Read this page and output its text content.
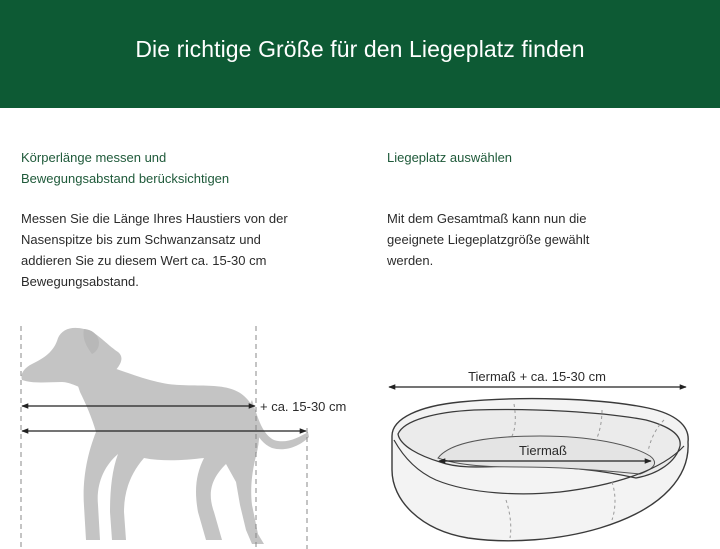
Die richtige Größe für den Liegeplatz finden

Körperlänge messen und
Bewegungsabstand berücksichtigen

Messen Sie die Länge Ihres Haustiers von der
Nasenspitze bis zum Schwanzansatz und
addieren Sie zu diesem Wert ca. 15-30 cm
Bewegungsabstand.

Liegeplatz auswählen

Mit dem Gesamtmaß kann nun die
geeignete Liegeplatzgröße gewählt
werden.

+ ca. 15-30 cm
Tiermaß + ca. 15-30 cm
Tiermaß
